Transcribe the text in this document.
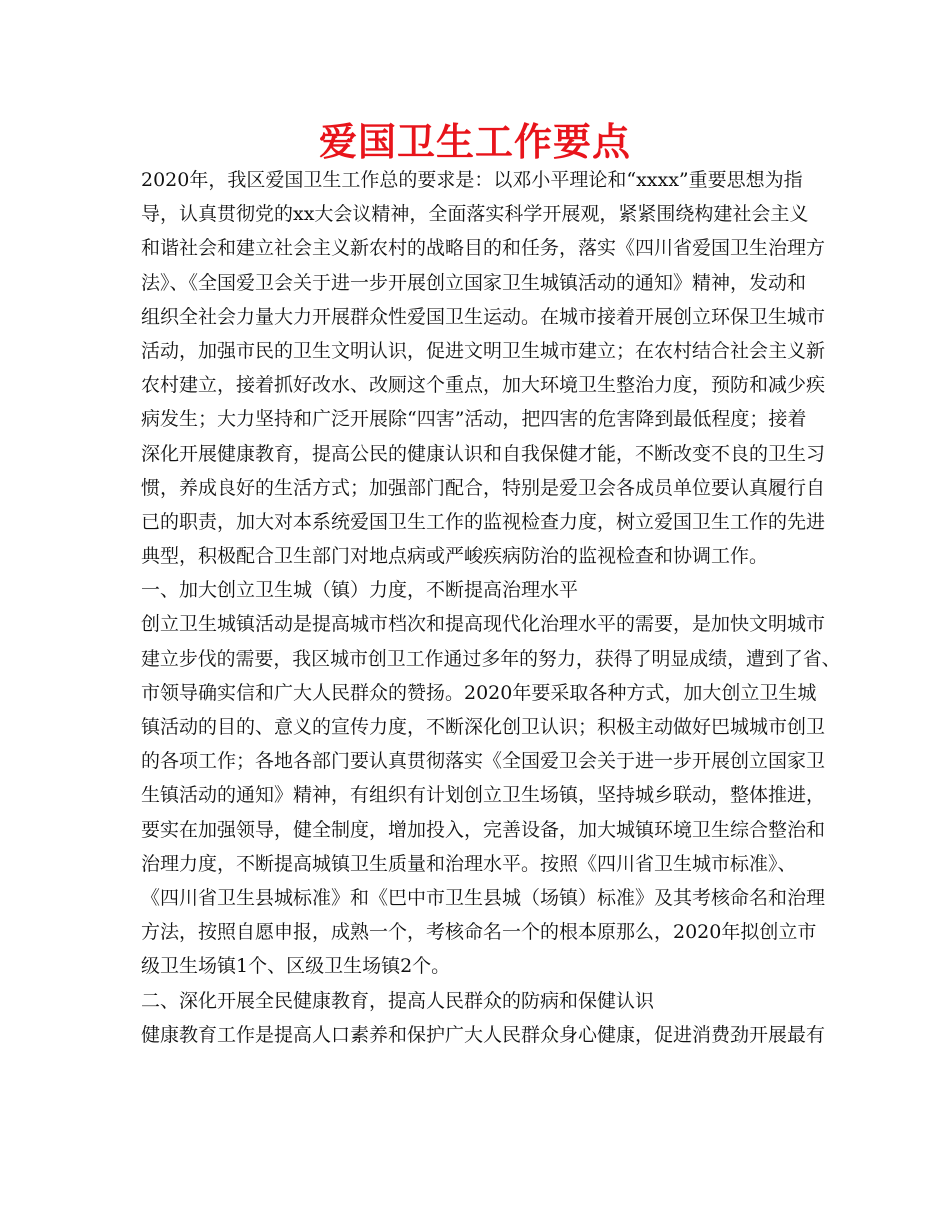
爱国卫生工作要点
2020年，我区爱国卫生工作总的要求是：以邓小平理论和“xxxx”重要思想为指
导，认真贯彻党的xx大会议精神，全面落实科学开展观，紧紧围绕构建社会主义
和谐社会和建立社会主义新农村的战略目的和任务，落实《四川省爱国卫生治理方
法》、《全国爱卫会关于进一步开展创立国家卫生城镇活动的通知》精神，发动和
组织全社会力量大力开展群众性爱国卫生运动。在城市接着开展创立环保卫生城市
活动，加强市民的卫生文明认识，促进文明卫生城市建立；在农村结合社会主义新
农村建立，接着抓好改水、改厕这个重点，加大环境卫生整治力度，预防和减少疾
病发生；大力坚持和广泛开展除“四害”活动，把四害的危害降到最低程度；接着
深化开展健康教育，提高公民的健康认识和自我保健才能，不断改变不良的卫生习
惯，养成良好的生活方式；加强部门配合，特别是爱卫会各成员单位要认真履行自
已的职责，加大对本系统爱国卫生工作的监视检查力度，树立爱国卫生工作的先进
典型，积极配合卫生部门对地点病或严峻疾病防治的监视检查和协调工作。
一、加大创立卫生城（镇）力度，不断提高治理水平
创立卫生城镇活动是提高城市档次和提高现代化治理水平的需要，是加快文明城市
建立步伐的需要，我区城市创卫工作通过多年的努力，获得了明显成绩，遭到了省、
市领导确实信和广大人民群众的赞扬。2020年要采取各种方式，加大创立卫生城
镇活动的目的、意义的宣传力度，不断深化创卫认识；积极主动做好巴城城市创卫
的各项工作；各地各部门要认真贯彻落实《全国爱卫会关于进一步开展创立国家卫
生镇活动的通知》精神，有组织有计划创立卫生场镇，坚持城乡联动，整体推进，
要实在加强领导，健全制度，增加投入，完善设备，加大城镇环境卫生综合整治和
治理力度，不断提高城镇卫生质量和治理水平。按照《四川省卫生城市标准》、
《四川省卫生县城标准》和《巴中市卫生县城（场镇）标准》及其考核命名和治理
方法，按照自愿申报，成熟一个，考核命名一个的根本原那么，2020年拟创立市
级卫生场镇1个、区级卫生场镇2个。
二、深化开展全民健康教育，提高人民群众的防病和保健认识
健康教育工作是提高人口素养和保护广大人民群众身心健康，促进消费劲开展最有
